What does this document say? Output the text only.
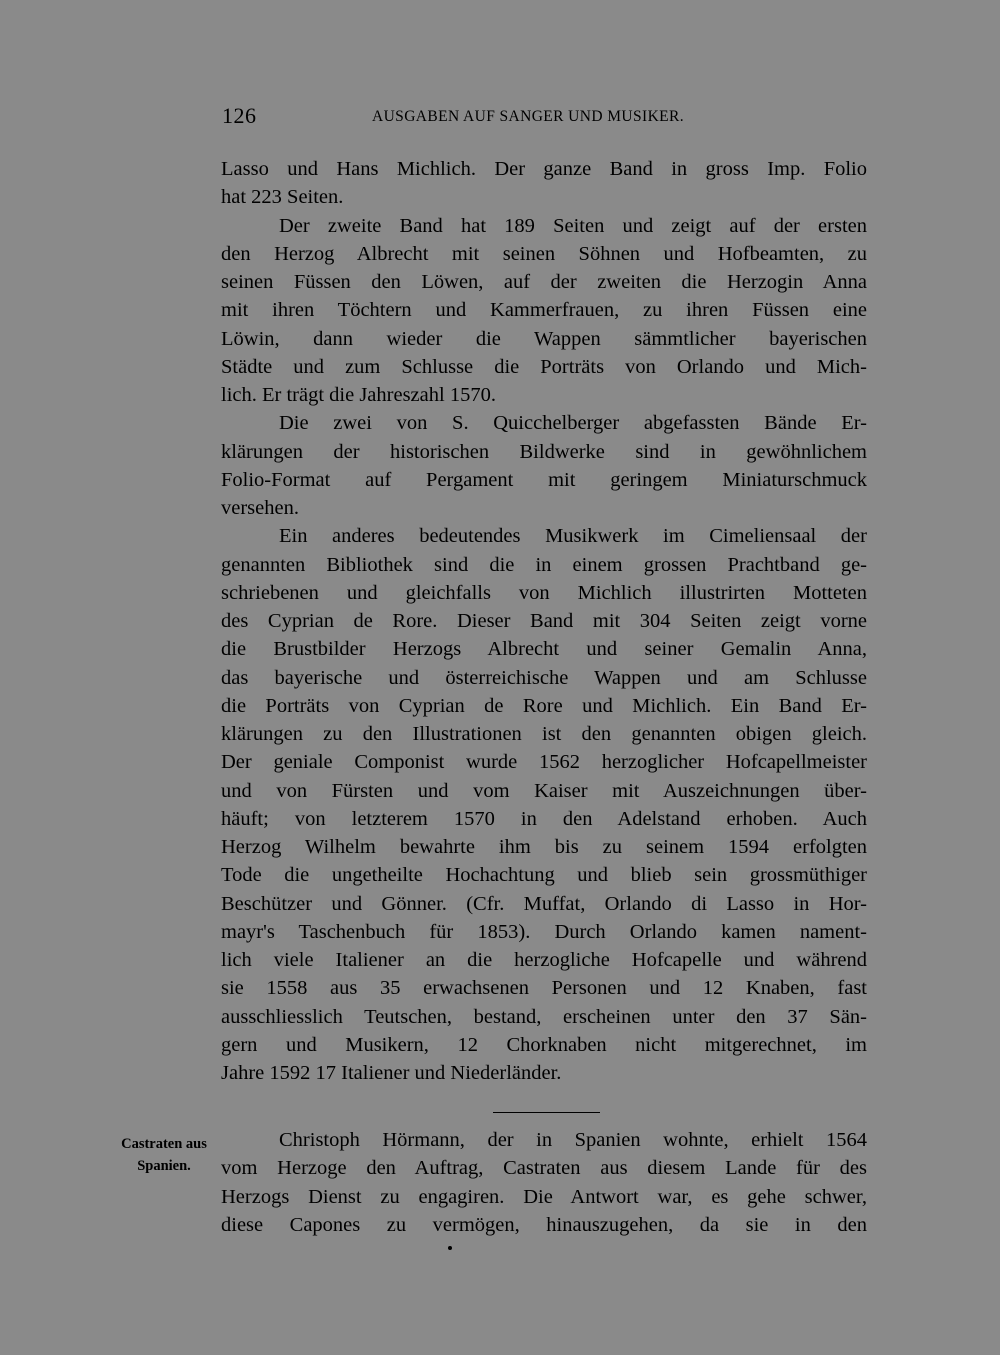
126	AUSGABEN AUF SANGER UND MUSIKER.
Lasso und Hans Michlich. Der ganze Band in gross Imp. Folio
hat 223 Seiten.
Der zweite Band hat 189 Seiten und zeigt auf der ersten
den Herzog Albrecht mit seinen Söhnen und Hofbeamten, zu
seinen Füssen den Löwen, auf der zweiten die Herzogin Anna
mit ihren Töchtern und Kammerfrauen, zu ihren Füssen eine
Löwin, dann wieder die Wappen sämmtlicher bayerischen
Städte und zum Schlusse die Porträts von Orlando und Mich-
lich. Er trägt die Jahreszahl 1570.
Die zwei von S. Quicchelberger abgefassten Bände Er-
klärungen der historischen Bildwerke sind in gewöhnlichem
Folio-Format auf Pergament mit geringem Miniaturschmuck
versehen.
Ein anderes bedeutendes Musikwerk im Cimeliensaal der
genannten Bibliothek sind die in einem grossen Prachtband ge-
schriebenen und gleichfalls von Michlich illustrirten Motteten
des Cyprian de Rore. Dieser Band mit 304 Seiten zeigt vorne
die Brustbilder Herzogs Albrecht und seiner Gemalin Anna,
das bayerische und österreichische Wappen und am Schlusse
die Porträts von Cyprian de Rore und Michlich. Ein Band Er-
klärungen zu den Illustrationen ist den genannten obigen gleich.
Der geniale Componist wurde 1562 herzoglicher Hofcapellmeister
und von Fürsten und vom Kaiser mit Auszeichnungen über-
häuft; von letzterem 1570 in den Adelstand erhoben. Auch
Herzog Wilhelm bewahrte ihm bis zu seinem 1594 erfolgten
Tode die ungetheilte Hochachtung und blieb sein grossmüthiger
Beschützer und Gönner. (Cfr. Muffat, Orlando di Lasso in Hor-
mayr's Taschenbuch für 1853). Durch Orlando kamen nament-
lich viele Italiener an die herzogliche Hofcapelle und während
sie 1558 aus 35 erwachsenen Personen und 12 Knaben, fast
ausschliesslich Teutschen, bestand, erscheinen unter den 37 Sän-
gern und Musikern, 12 Chorknaben nicht mitgerechnet, im
Jahre 1592 17 Italiener und Niederländer.
Castraten aus
Spanien.
Christoph Hörmann, der in Spanien wohnte, erhielt 1564
vom Herzoge den Auftrag, Castraten aus diesem Lande für des
Herzogs Dienst zu engagiren. Die Antwort war, es gehe schwer,
diese Capones zu vermögen, hinauszugehen, da sie in den
